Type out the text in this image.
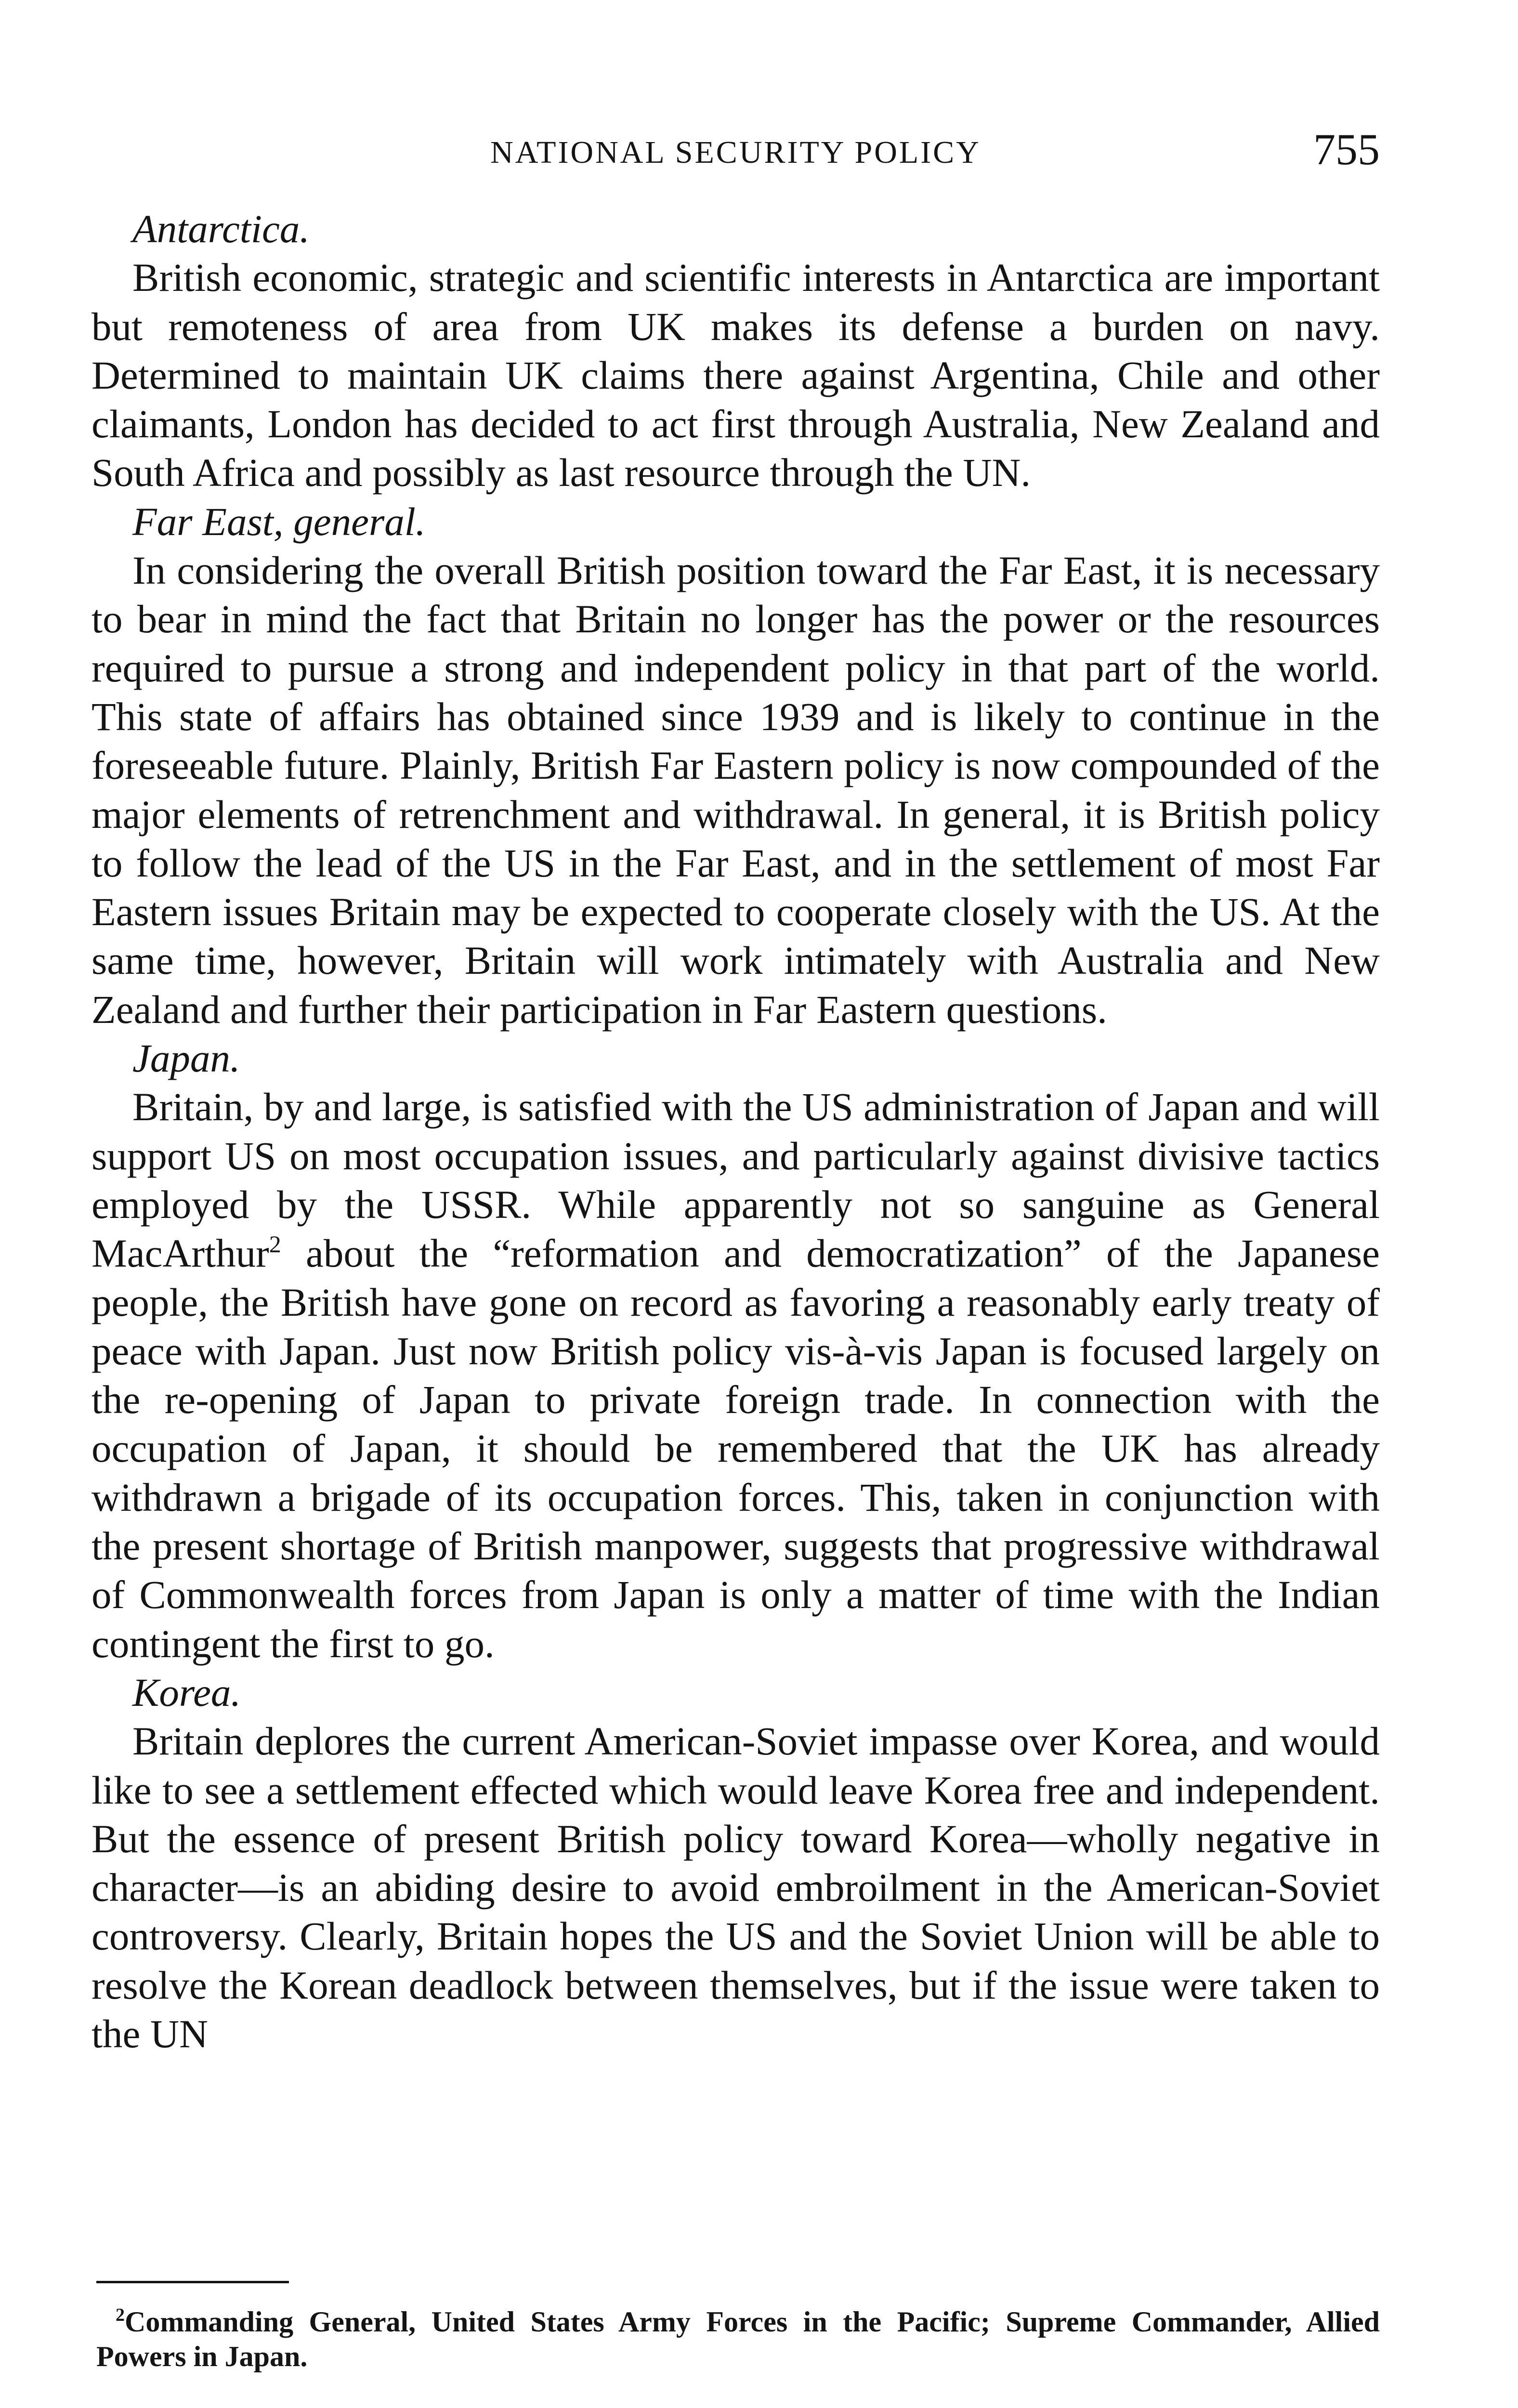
NATIONAL SECURITY POLICY	755

Antarctica.

British economic, strategic and scientific interests in Antarctica are important but remoteness of area from UK makes its defense a burden on navy. Determined to maintain UK claims there against Argentina, Chile and other claimants, London has decided to act first through Australia, New Zealand and South Africa and possibly as last resource through the UN.

Far East, general.

In considering the overall British position toward the Far East, it is necessary to bear in mind the fact that Britain no longer has the power or the resources required to pursue a strong and independent policy in that part of the world. This state of affairs has obtained since 1939 and is likely to continue in the foreseeable future. Plainly, British Far Eastern policy is now compounded of the major elements of retrenchment and withdrawal. In general, it is British policy to follow the lead of the US in the Far East, and in the settlement of most Far Eastern issues Britain may be expected to cooperate closely with the US. At the same time, however, Britain will work intimately with Australia and New Zealand and further their participation in Far Eastern questions.

Japan.

Britain, by and large, is satisfied with the US administration of Japan and will support US on most occupation issues, and particularly against divisive tactics employed by the USSR. While apparently not so sanguine as General MacArthur$^2$ about the “reformation and democratization” of the Japanese people, the British have gone on record as favoring a reasonably early treaty of peace with Japan. Just now British policy vis-à-vis Japan is focused largely on the re-opening of Japan to private foreign trade. In connection with the occupation of Japan, it should be remembered that the UK has already withdrawn a brigade of its occupation forces. This, taken in conjunction with the present shortage of British manpower, suggests that progressive withdrawal of Commonwealth forces from Japan is only a matter of time with the Indian contingent the first to go.

Korea.

Britain deplores the current American-Soviet impasse over Korea, and would like to see a settlement effected which would leave Korea free and independent. But the essence of present British policy toward Korea—wholly negative in character—is an abiding desire to avoid embroilment in the American-Soviet controversy. Clearly, Britain hopes the US and the Soviet Union will be able to resolve the Korean deadlock between themselves, but if the issue were taken to the UN

$^2$Commanding General, United States Army Forces in the Pacific; Supreme Commander, Allied Powers in Japan.
